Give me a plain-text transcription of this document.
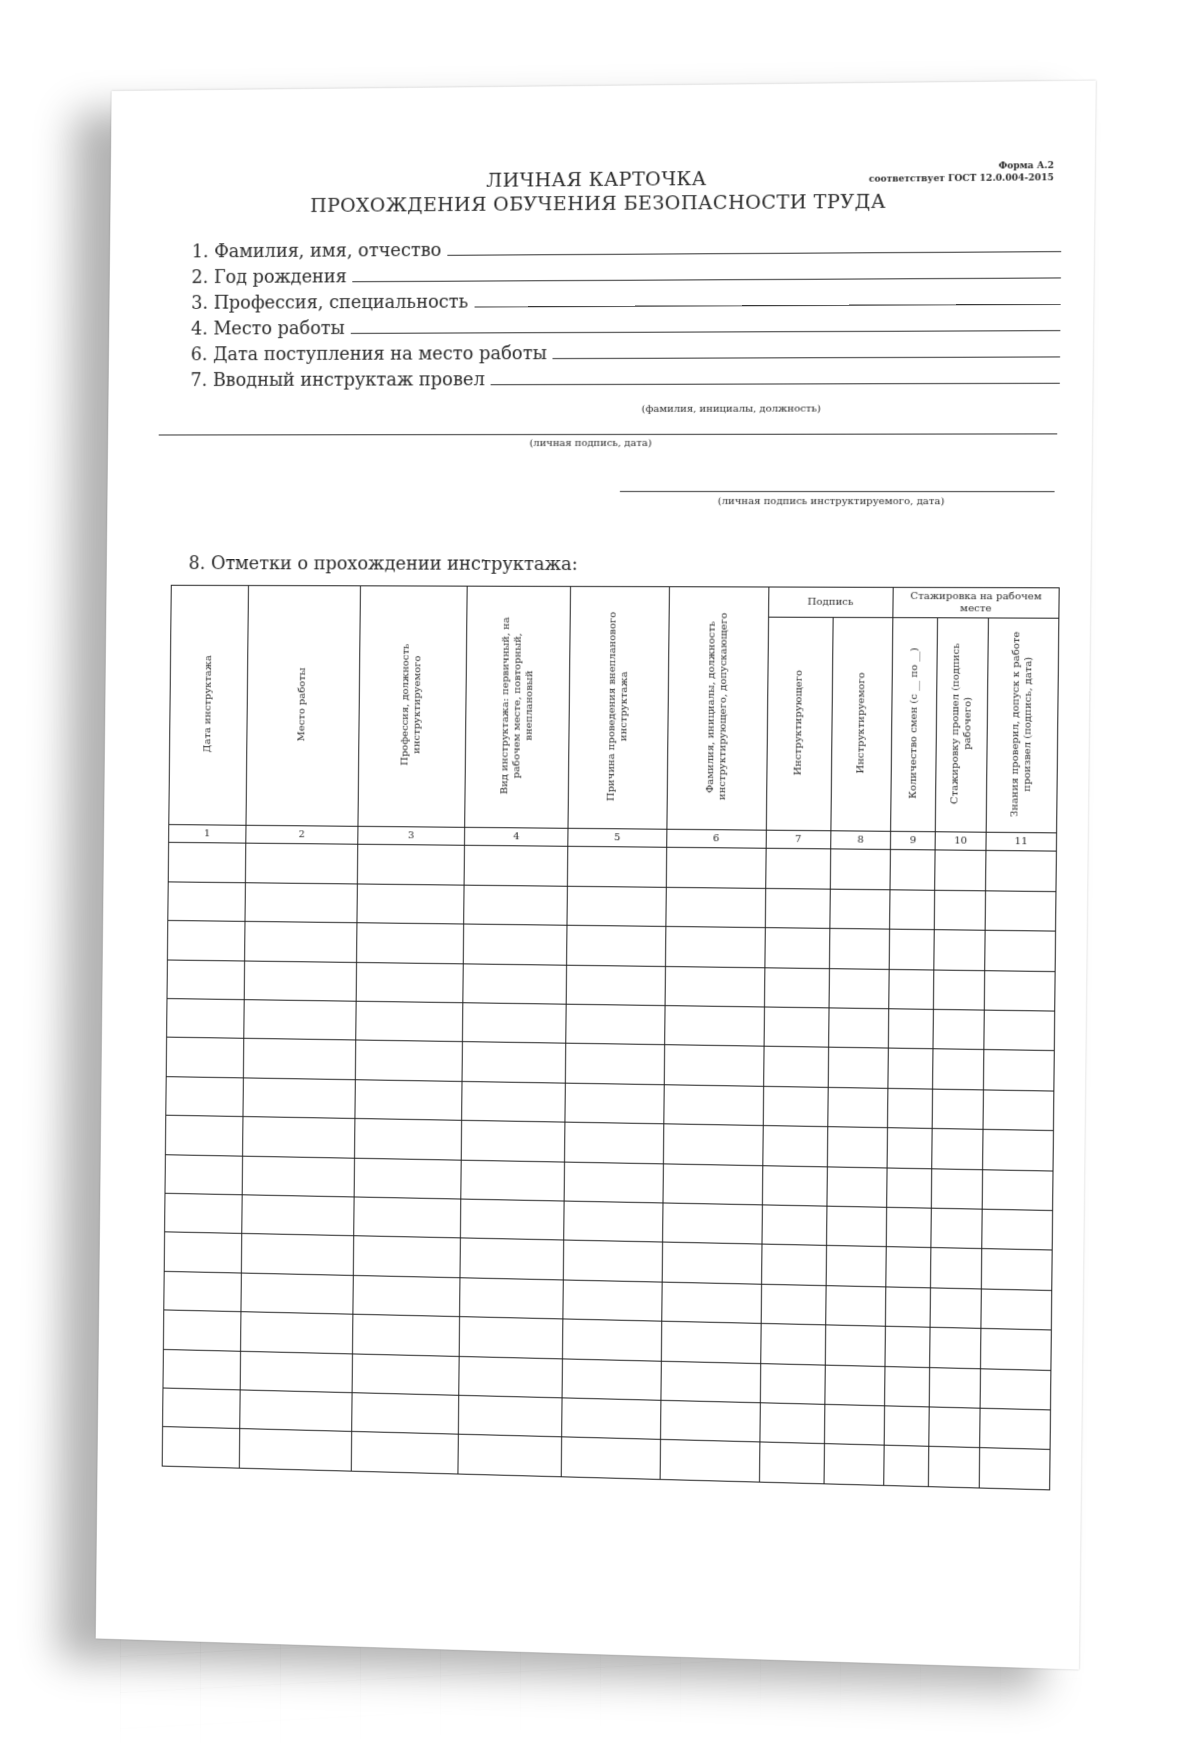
Форма А.2
соответствует ГОСТ 12.0.004-2015
ЛИЧНАЯ КАРТОЧКА
ПРОХОЖДЕНИЯ ОБУЧЕНИЯ БЕЗОПАСНОСТИ ТРУДА
1. Фамилия, имя, отчество
2. Год рождения
3. Профессия, специальность
4. Место работы
6. Дата поступления на место работы
7. Вводный инструктаж провел
(фамилия, инициалы, должность)
(личная подпись, дата)
(личная подпись инструктируемого, дата)
8. Отметки о прохождении инструктажа:
Дата инструктажа	Место работы	Профессия, должность инструктируемого	Вид инструктажа: первичный, на рабочем месте, повторный, внеплановый	Причина проведения внепланового инструктажа	Фамилия, инициалы, должность инструктирующего, допускающего	Подпись		Стажировка на рабочем месте		
						Инструктирующего	Инструктируемого	Количество смен (с __ по __)	Стажировку прошел (подпись рабочего)	Знания проверил, допуск к работе произвел (подпись, дата)
1	2	3	4	5	6	7	8	9	10	11
